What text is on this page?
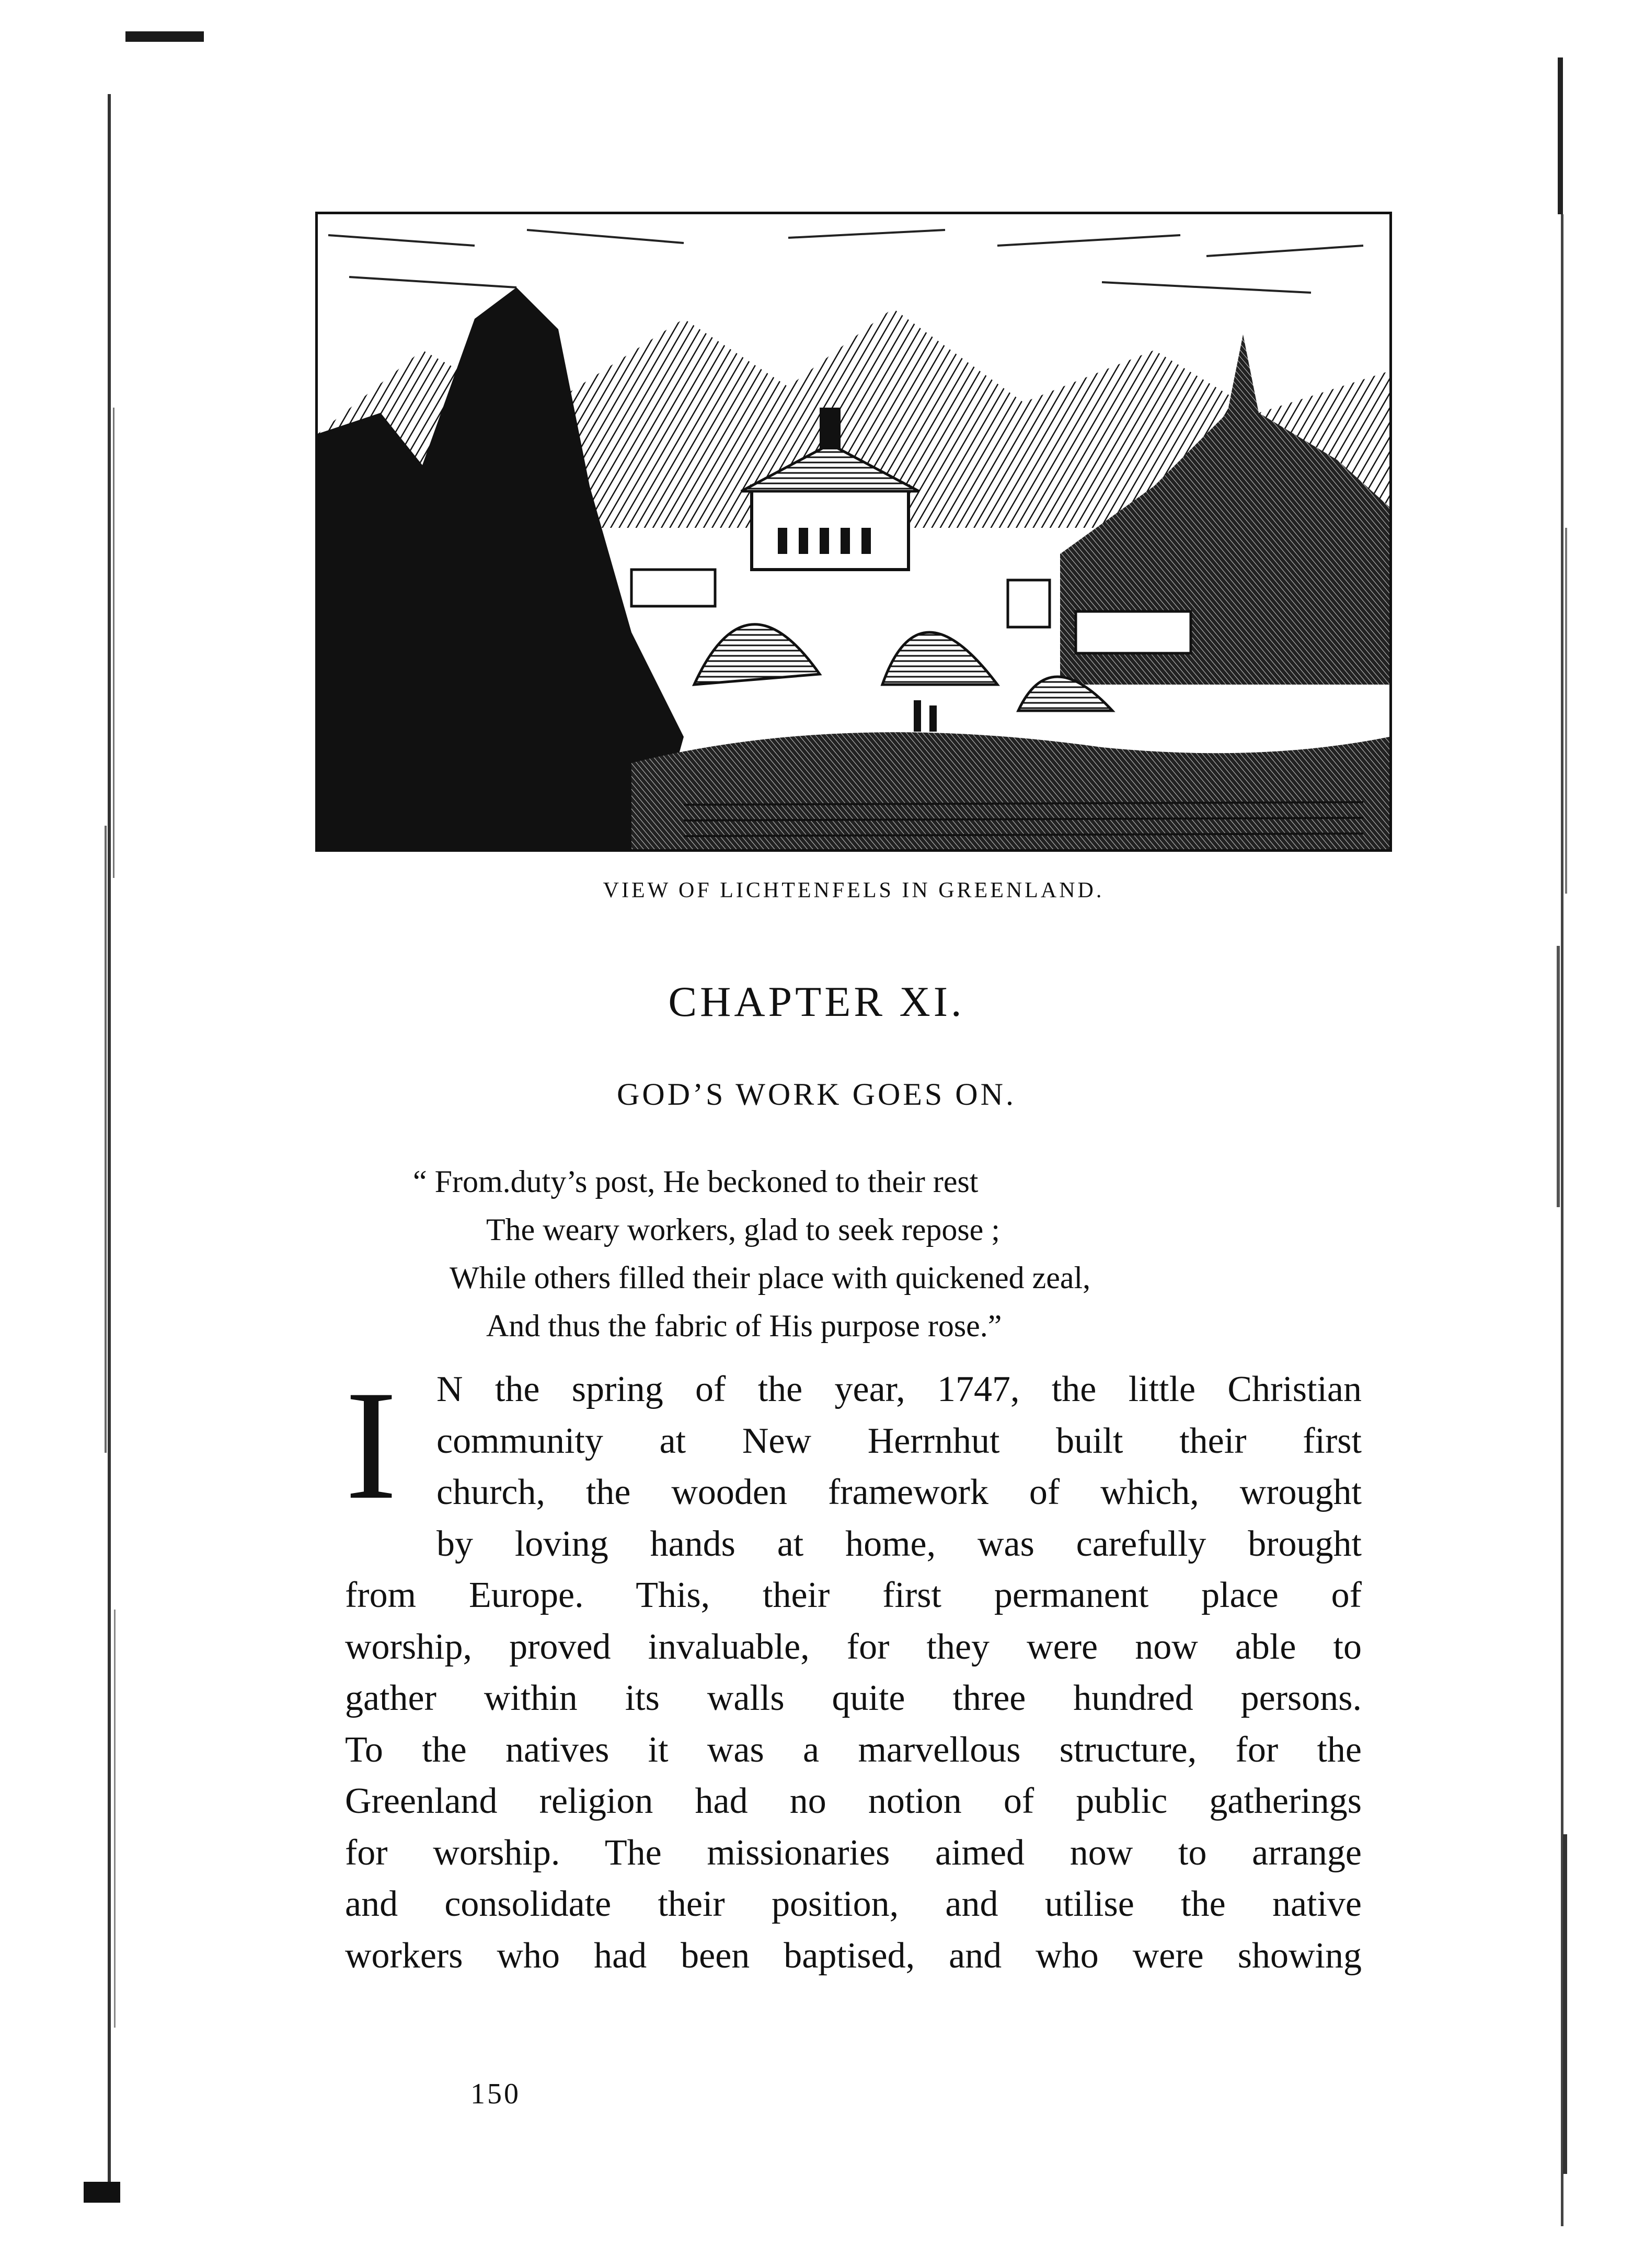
VIEW OF LICHTENFELS IN GREENLAND.
CHAPTER XI.
GOD’S WORK GOES ON.
“ From.duty’s post, He beckoned to their rest
The weary workers, glad to seek repose ;
While others filled their place with quickened zeal,
And thus the fabric of His purpose rose.”
I N the spring of the year, 1747, the little Christian
community at New Herrnhut built their first
church, the wooden framework of which, wrought
by loving hands at home, was carefully brought
from Europe. This, their first permanent place of
worship, proved invaluable, for they were now able to
gather within its walls quite three hundred persons.
To the natives it was a marvellous structure, for the
Greenland religion had no notion of public gatherings
for worship. The missionaries aimed now to arrange
and consolidate their position, and utilise the native
workers who had been baptised, and who were showing
150
